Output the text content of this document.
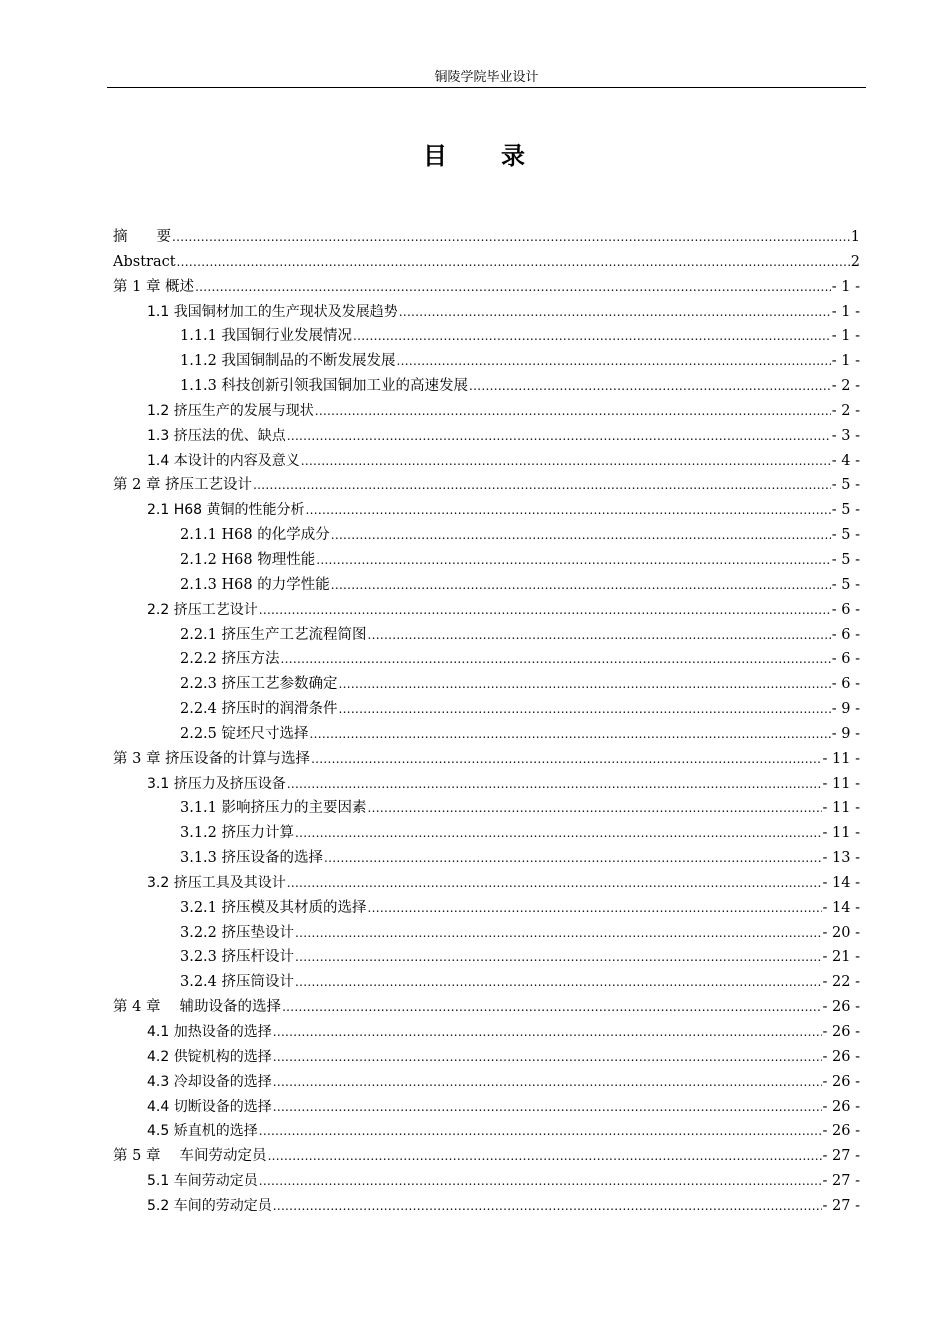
铜陵学院毕业设计
目　　录
摘　　要 .....	1
Abstract .....	2
第 1 章 概述 .....	- 1 -
1.1 我国铜材加工的生产现状及发展趋势 .....	- 1 -
1.1.1 我国铜行业发展情况 .....	- 1 -
1.1.2 我国铜制品的不断发展发展 .....	- 1 -
1.1.3 科技创新引领我国铜加工业的高速发展 .....	- 2 -
1.2 挤压生产的发展与现状 .....	- 2 -
1.3 挤压法的优、缺点 .....	- 3 -
1.4 本设计的内容及意义 .....	- 4 -
第 2 章 挤压工艺设计 .....	- 5 -
2.1 H68 黄铜的性能分析 .....	- 5 -
2.1.1 H68 的化学成分 .....	- 5 -
2.1.2 H68 物理性能 .....	- 5 -
2.1.3 H68 的力学性能 .....	- 5 -
2.2 挤压工艺设计 .....	- 6 -
2.2.1 挤压生产工艺流程简图 .....	- 6 -
2.2.2 挤压方法 .....	- 6 -
2.2.3 挤压工艺参数确定 .....	- 6 -
2.2.4 挤压时的润滑条件 .....	- 9 -
2.2.5 锭坯尺寸选择 .....	- 9 -
第 3 章 挤压设备的计算与选择 .....	- 11 -
3.1 挤压力及挤压设备 .....	- 11 -
3.1.1 影响挤压力的主要因素 .....	- 11 -
3.1.2 挤压力计算 .....	- 11 -
3.1.3 挤压设备的选择 .....	- 13 -
3.2 挤压工具及其设计 .....	- 14 -
3.2.1 挤压模及其材质的选择 .....	- 14 -
3.2.2 挤压垫设计 .....	- 20 -
3.2.3 挤压杆设计 .....	- 21 -
3.2.4 挤压筒设计 .....	- 22 -
第 4 章　 辅助设备的选择 .....	- 26 -
4.1 加热设备的选择 .....	- 26 -
4.2 供锭机构的选择 .....	- 26 -
4.3 冷却设备的选择 .....	- 26 -
4.4 切断设备的选择 .....	- 26 -
4.5 矫直机的选择 .....	- 26 -
第 5 章　 车间劳动定员 .....	- 27 -
5.1 车间劳动定员 .....	- 27 -
5.2 车间的劳动定员 .....	- 27 -
